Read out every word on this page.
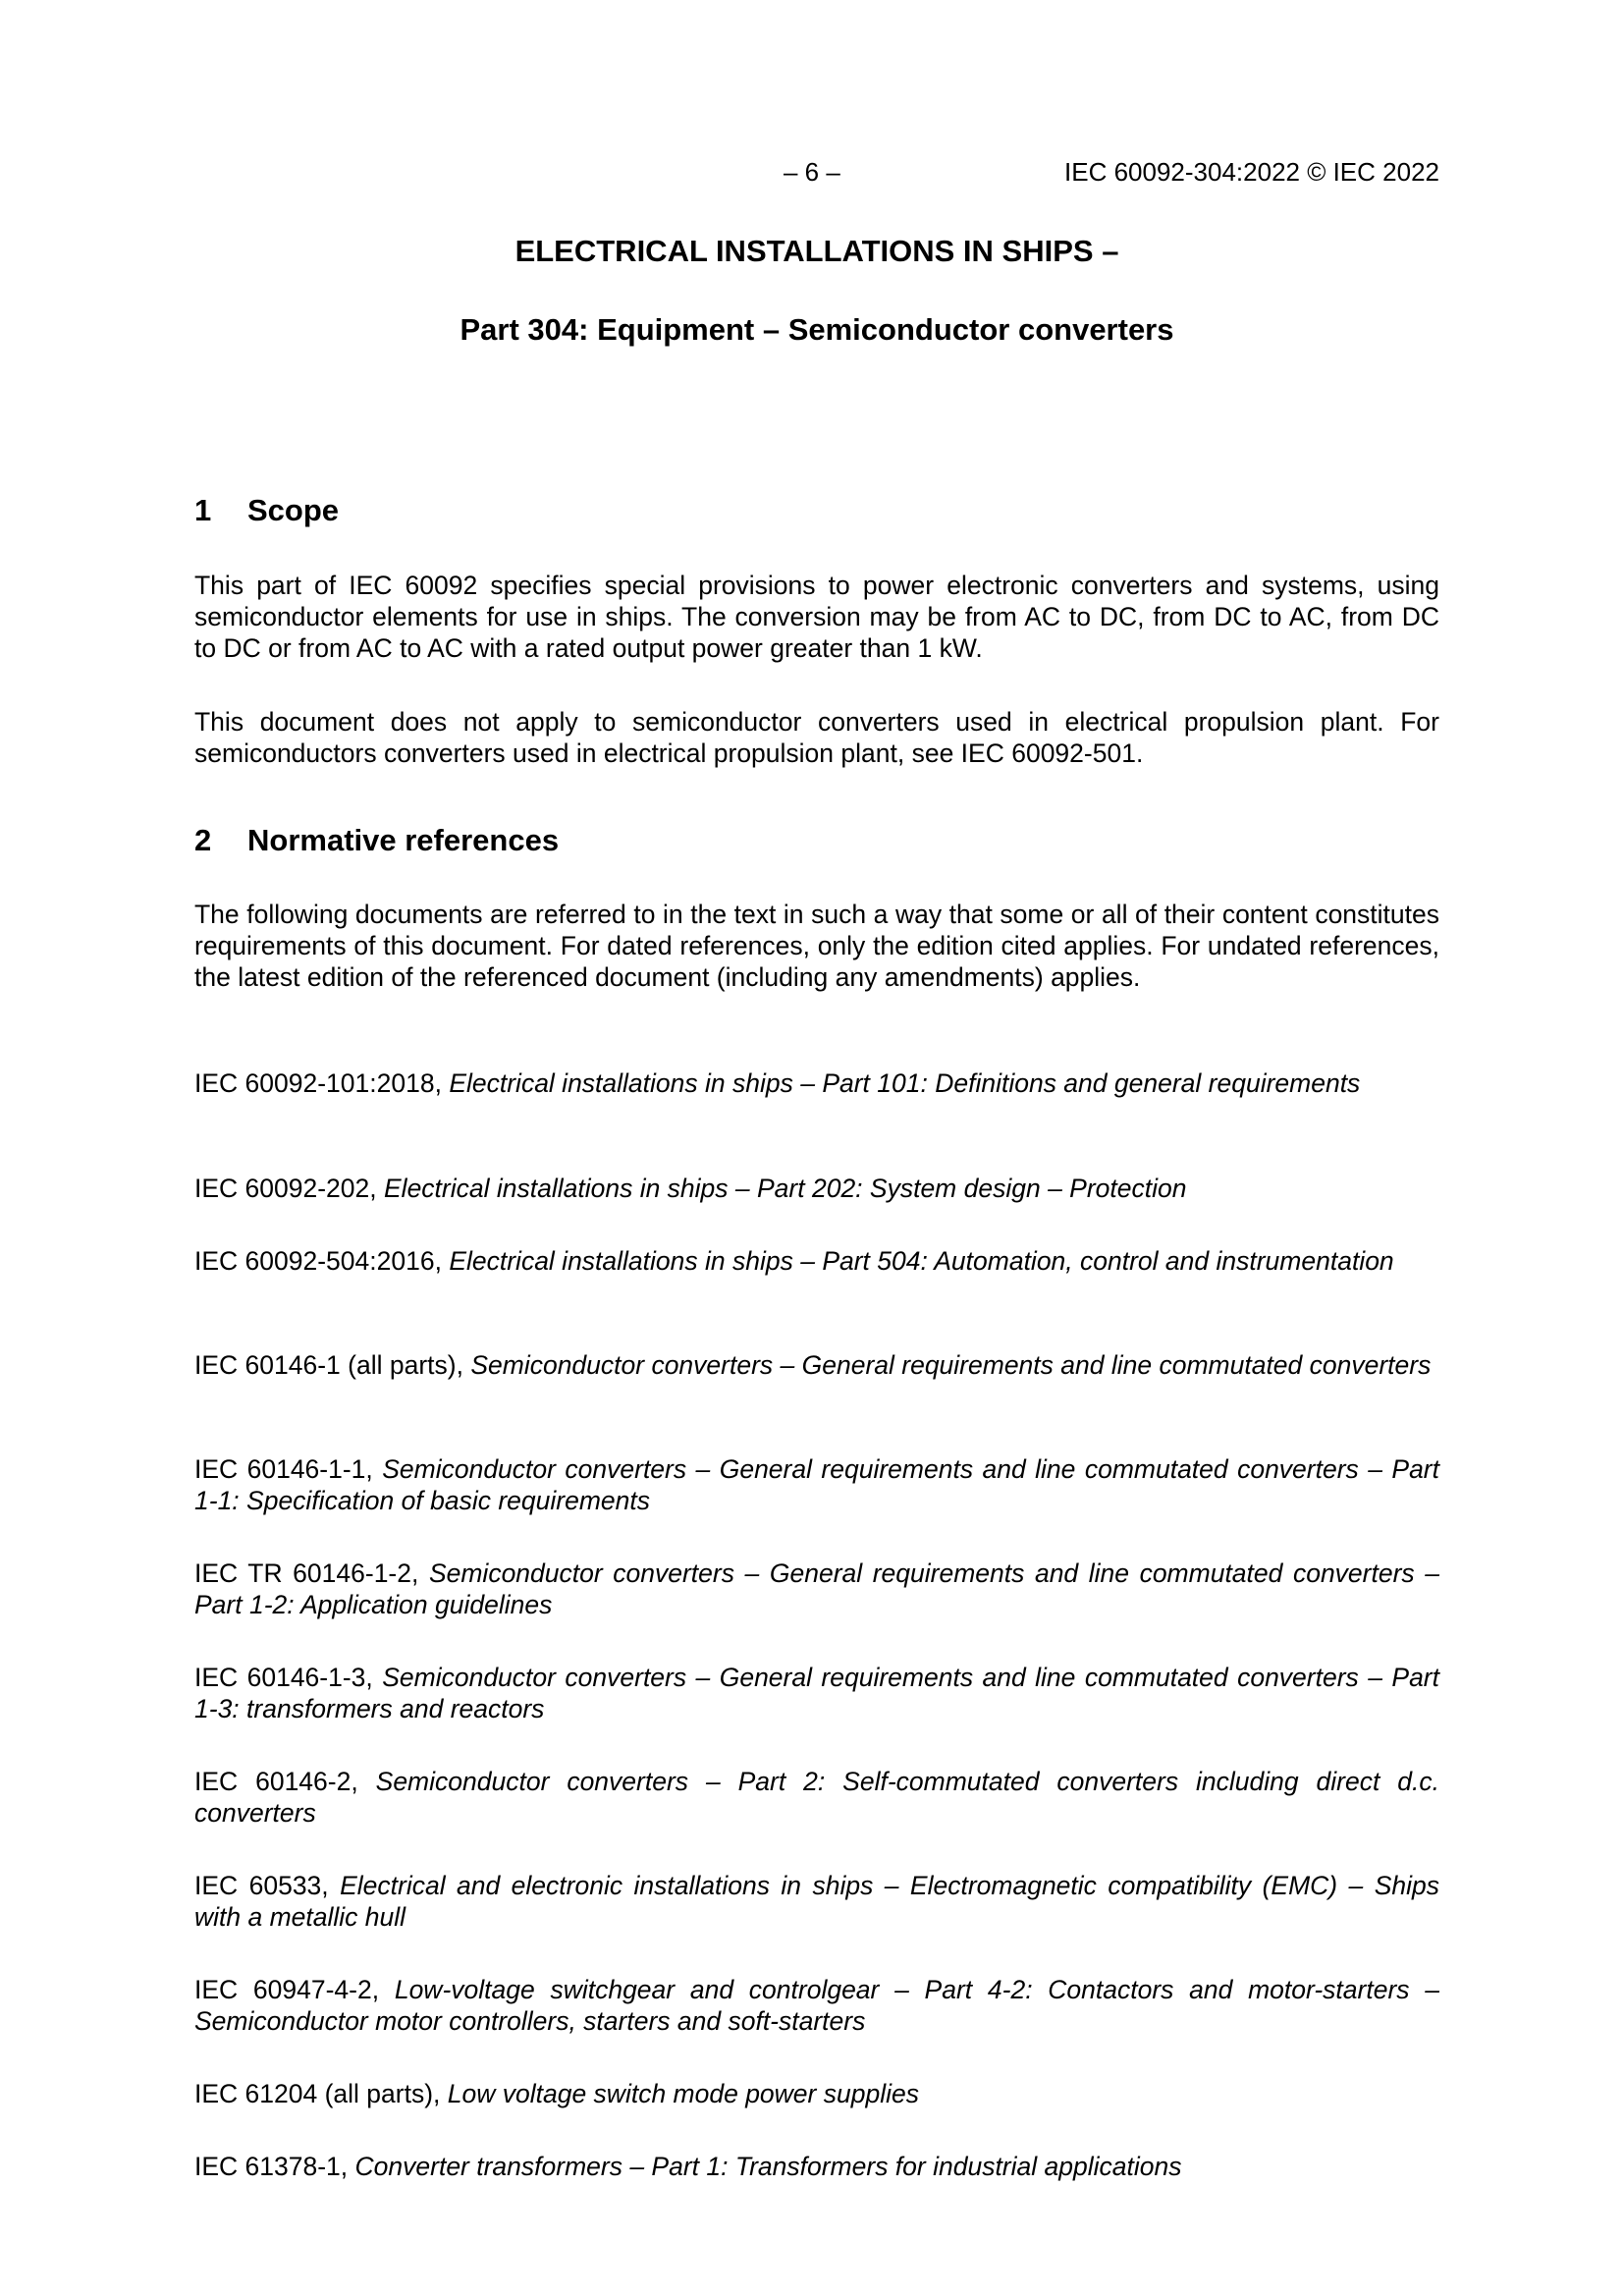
– 6 –	IEC 60092-304:2022 © IEC 2022
ELECTRICAL INSTALLATIONS IN SHIPS –
Part 304: Equipment – Semiconductor converters
1 Scope
This part of IEC 60092 specifies special provisions to power electronic converters and systems, using semiconductor elements for use in ships. The conversion may be from AC to DC, from DC to AC, from DC to DC or from AC to AC with a rated output power greater than 1 kW.
This document does not apply to semiconductor converters used in electrical propulsion plant. For semiconductors converters used in electrical propulsion plant, see IEC 60092-501.
2 Normative references
The following documents are referred to in the text in such a way that some or all of their content constitutes requirements of this document. For dated references, only the edition cited applies. For undated references, the latest edition of the referenced document (including any amendments) applies.
IEC 60092-101:2018, Electrical installations in ships – Part 101: Definitions and general requirements
IEC 60092-202, Electrical installations in ships – Part 202: System design – Protection
IEC 60092-504:2016, Electrical installations in ships – Part 504: Automation, control and instrumentation
IEC 60146-1 (all parts), Semiconductor converters – General requirements and line commutated converters
IEC 60146-1-1, Semiconductor converters – General requirements and line commutated converters – Part 1-1: Specification of basic requirements
IEC TR 60146-1-2, Semiconductor converters – General requirements and line commutated converters – Part 1-2: Application guidelines
IEC 60146-1-3, Semiconductor converters – General requirements and line commutated converters – Part 1-3: transformers and reactors
IEC 60146-2, Semiconductor converters – Part 2: Self-commutated converters including direct d.c. converters
IEC 60533, Electrical and electronic installations in ships – Electromagnetic compatibility (EMC) – Ships with a metallic hull
IEC 60947-4-2, Low-voltage switchgear and controlgear – Part 4-2: Contactors and motor-starters – Semiconductor motor controllers, starters and soft-starters
IEC 61204 (all parts), Low voltage switch mode power supplies
IEC 61378-1, Converter transformers – Part 1: Transformers for industrial applications
